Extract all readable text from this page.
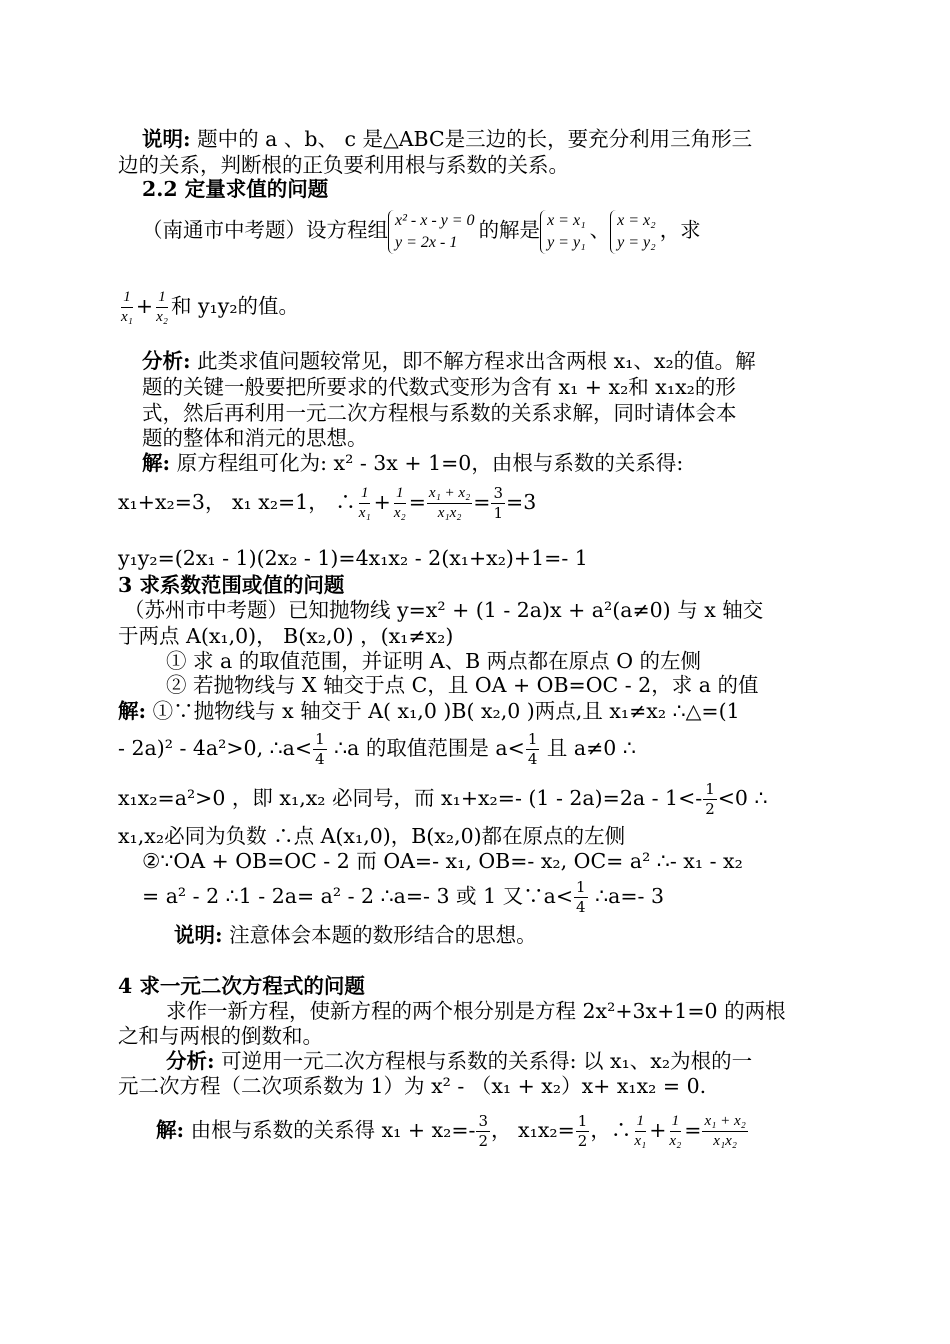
说明: 题中的 a 、b、 c 是△ABC是三边的长，要充分利用三角形三
边的关系，判断根的正负要利用根与系数的关系。
2.2 定量求值的问题
（南通市中考题）设方程组 x² - x - y = 0
y = 2x - 1	的解是 x = x₁
y = y₁ 、 x = x₂
y = y₂ ，求
$\frac{1}{\text{x₁}} + \frac{1}{\text{x₂}}$ 和 y₁y₂的值。
分析: 此类求值问题较常见，即不解方程求出含两根 x₁、x₂的值。解
题的关键一般要把所要求的代数式变形为含有 x₁ + x₂和 x₁x₂的形
式，然后再利用一元二次方程根与系数的关系求解，同时请体会本
题的整体和消元的思想。
解: 原方程组可化为: x² - 3x + 1=0，由根与系数的关系得:
x₁+x₂=3， x₁ x₂=1， ∴ $\frac{1}{\text{x₁}} + \frac{1}{\text{x₂}} = \frac{\text{x₁ + x₂}}{\text{x₁x₂}} = \frac{3}{1} =3$
y₁y₂=(2x₁ - 1)(2x₂ - 1)=4x₁x₂ - 2(x₁+x₂)+1=- 1
3 求系数范围或值的问题
（苏州市中考题）已知抛物线 y=x² + (1 - 2a)x + a²(a≠0) 与 x 轴交
于两点 A(x₁,0)， B(x₂,0) ，(x₁≠x₂)
① 求 a 的取值范围，并证明 A、B 两点都在原点 O 的左侧
② 若抛物线与 X 轴交于点 C，且 OA + OB=OC - 2，求 a 的值
解: ①∵抛物线与 x 轴交于 A( x₁,0 )B( x₂,0 )两点,且 x₁≠x₂ ∴△=(1
- 2a)² - 4a²>0, ∴a< $\frac{1}{4}$ ∴a 的取值范围是 $a< \frac{1}{4}$ 且 a≠0 ∴
x₁x₂=a²>0 ，即 x₁,x₂ 必同号，而 x₁+x₂=- $(1 - 2a)=2a - 1<- \frac{1}{2} <0$ ∴
x₁,x₂必同为负数 ∴点 A(x₁,0)，B(x₂,0)都在原点的左侧
②∵OA + OB=OC - 2 而 OA=- x₁, OB=- x₂, OC= a² ∴- x₁ - x₂
= a² - 2 ∴1 - 2a= a² - 2 ∴a=- 3 或 1 又∵a< $\frac{1}{4}$ ∴a=- 3
说明: 注意体会本题的数形结合的思想。
4 求一元二次方程式的问题
求作一新方程，使新方程的两个根分别是方程 2x²+3x+1=0 的两根
之和与两根的倒数和。
分析: 可逆用一元二次方程根与系数的关系得: 以 x₁、x₂为根的一
元二次方程（二次项系数为 1）为 x² - （x₁ + x₂）x+ x₁x₂ = 0.
解: 由根与系数的关系得 $x_1 + x_2=- \frac{3}{2}$ ， $x_1x_2= \frac{1}{2}$ ，∴ $\frac{1}{\text{x₁}} + \frac{1}{\text{x₂}} = \frac{\text{x₁ + x₂}}{\text{x₁x₂}}$
